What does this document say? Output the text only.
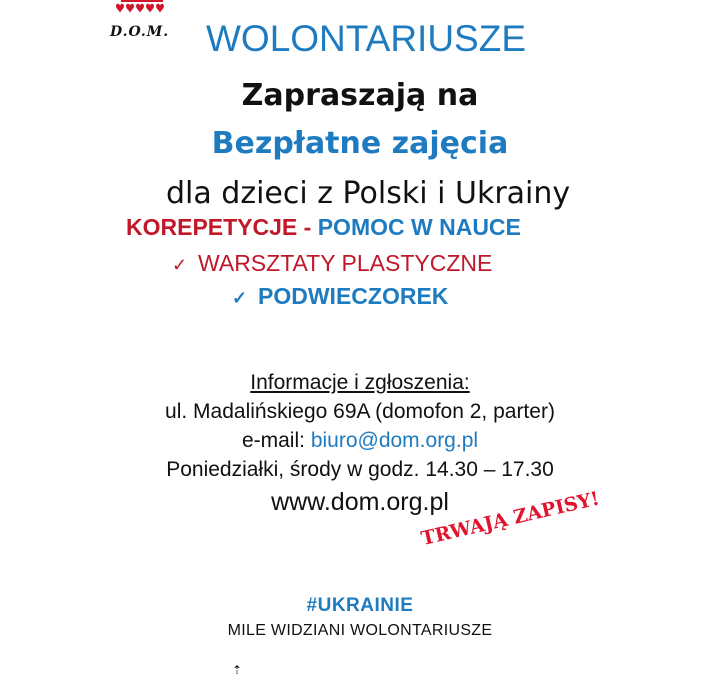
D.O.M. WOLONTARIUSZE
Zapraszają na
Bezpłatne zajęcia
dla dzieci z Polski i Ukrainy
KOREPETYCJE - POMOC W NAUCE
✓ WARSZTATY PLASTYCZNE
✓ PODWIECZOREK
Informacje i zgłoszenia:
ul. Madalińskiego 69A (domofon 2, parter)
e-mail: biuro@dom.org.pl
Poniedziałki, środy w godz. 14.30 – 17.30
www.dom.org.pl
TRWAJĄ ZAPISY!
#UKRAINIE
MILE WIDZIANI WOLONTARIUSZE
⇡
